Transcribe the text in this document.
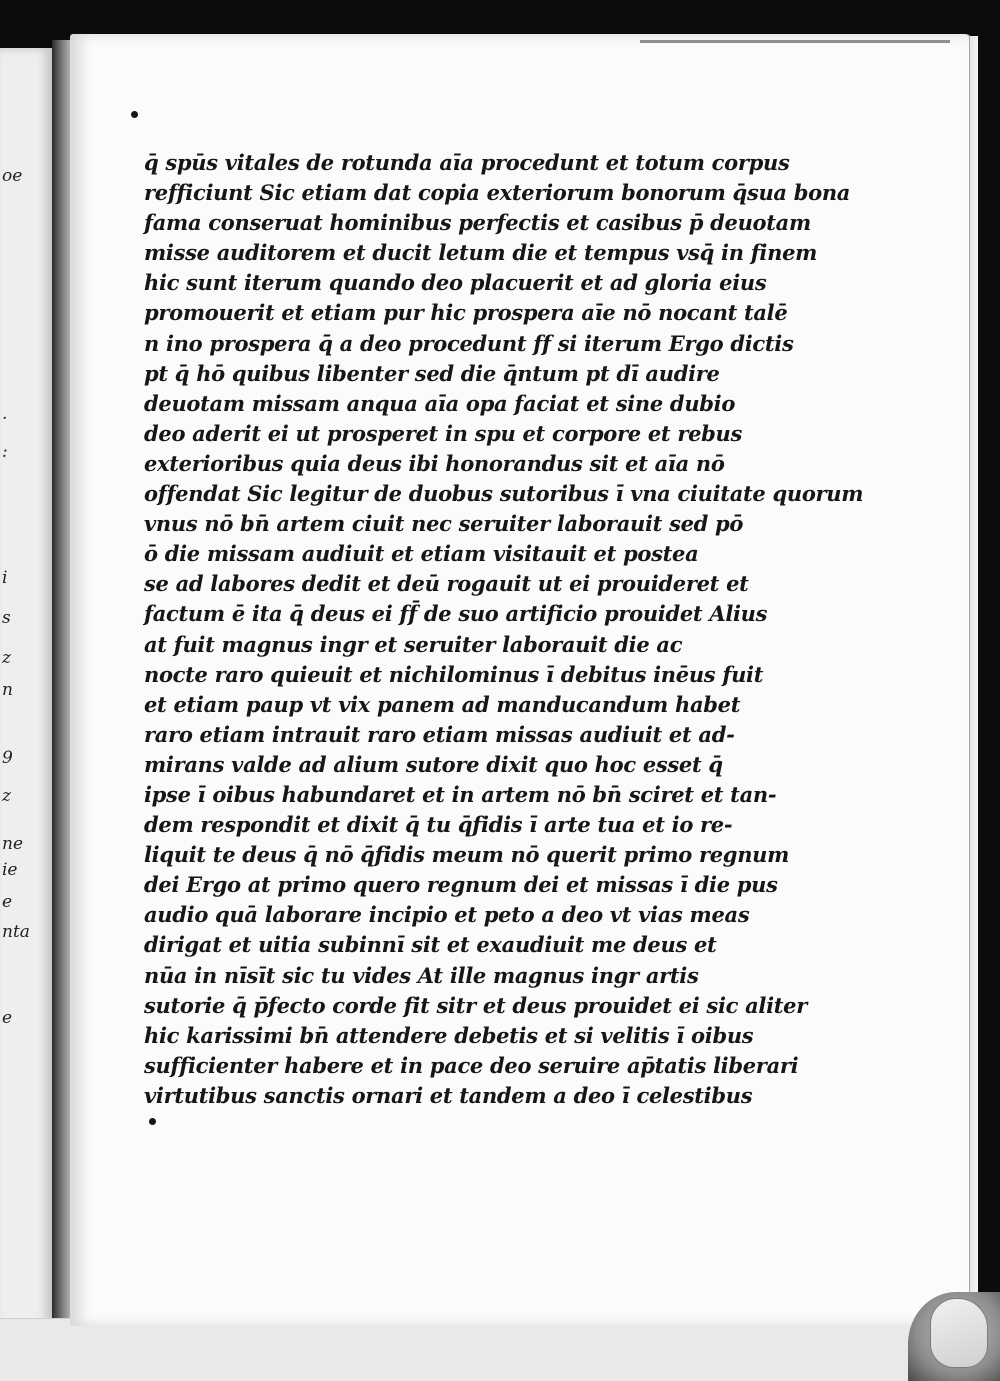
oe
.
:
i
s
z
n
9
z
ne
ie
e
nta
e
q̄ spūs vitales de rotunda aīa procedunt et totum corpus
refficiunt Sic etiam dat copia exteriorum bonorum q̄sua bona
fama conseruat hominibus perfectis et casibus p̄ deuotam
misse auditorem et ducit letum die et tempus vsq̄ in finem
hic sunt iterum quando deo placuerit et ad gloria eius
promouerit et etiam pur hic prospera aīe nō nocant talē
n ino prospera q̄ a deo procedunt ff si iterum Ergo dictis
pt q̄ hō quibus libenter sed die q̄ntum pt dī audire
deuotam missam anqua aīa opa faciat et sine dubio
deo aderit ei ut prosperet in spu et corpore et rebus
exterioribus quia deus ibi honorandus sit et aīa nō
offendat Sic legitur de duobus sutoribus ī vna ciuitate quorum
vnus nō bn̄ artem ciuit nec seruiter laborauit sed pō
ō die missam audiuit et etiam visitauit et postea
se ad labores dedit et deū rogauit ut ei prouideret et
factum ē ita q̄ deus ei ff̄ de suo artificio prouidet Alius
at fuit magnus ingr et seruiter laborauit die ac
nocte raro quieuit et nichilominus ī debitus inēus fuit
et etiam paup vt vix panem ad manducandum habet
raro etiam intrauit raro etiam missas audiuit et ad-
mirans valde ad alium sutore dixit quo hoc esset q̄
ipse ī oibus habundaret et in artem nō bn̄ sciret et tan-
dem respondit et dixit q̄ tu q̄fidis ī arte tua et io re-
liquit te deus q̄ nō q̄fidis meum nō querit primo regnum
dei Ergo at primo quero regnum dei et missas ī die pus
audio quā laborare incipio et peto a deo vt vias meas
dirigat et uitia subinnī sit et exaudiuit me deus et
nūa in nīsīt sic tu vides At ille magnus ingr artis
sutorie q̄ p̄fecto corde fit sitr et deus prouidet ei sic aliter
hic karissimi bn̄ attendere debetis et si velitis ī oibus
sufficienter habere et in pace deo seruire ap̄tatis liberari
virtutibus sanctis ornari et tandem a deo ī celestibus
